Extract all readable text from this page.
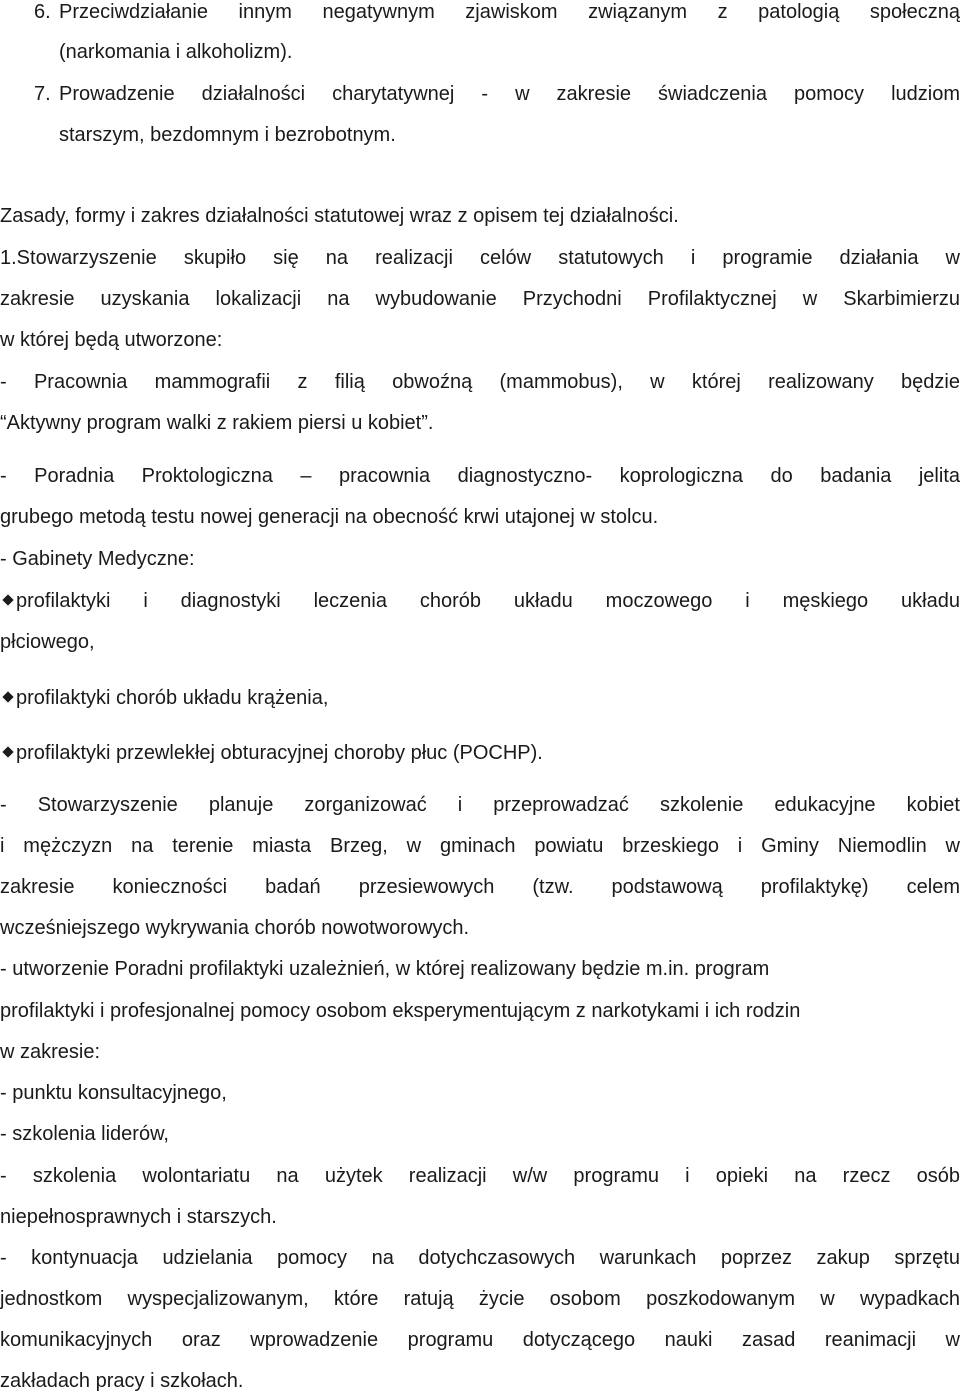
6. Przeciwdziałanie innym negatywnym zjawiskom związanym z patologią społeczną
(narkomania i alkoholizm).
7. Prowadzenie działalności charytatywnej - w zakresie świadczenia pomocy ludziom
starszym, bezdomnym i bezrobotnym.
Zasady, formy i zakres działalności statutowej wraz z opisem tej działalności.
1.Stowarzyszenie skupiło się na realizacji celów statutowych i programie działania w
zakresie uzyskania lokalizacji na wybudowanie Przychodni Profilaktycznej w Skarbimierzu
w której będą utworzone:
- Pracownia mammografii z filią obwoźną (mammobus), w której realizowany będzie
“Aktywny program walki z rakiem piersi u kobiet”.
- Poradnia Proktologiczna – pracownia diagnostyczno- koprologiczna do badania jelita
grubego metodą testu nowej generacji na obecność krwi utajonej w stolcu.
- Gabinety Medyczne:
profilaktyki i diagnostyki leczenia chorób układu moczowego i męskiego układu
płciowego,
profilaktyki chorób układu krążenia,
profilaktyki przewlekłej obturacyjnej choroby płuc (POCHP).
- Stowarzyszenie planuje zorganizować i przeprowadzać szkolenie edukacyjne kobiet
i mężczyzn na terenie miasta Brzeg, w gminach powiatu brzeskiego i Gminy Niemodlin w
zakresie konieczności badań przesiewowych (tzw. podstawową profilaktykę) celem
wcześniejszego wykrywania chorób nowotworowych.
- utworzenie Poradni profilaktyki uzależnień, w której realizowany będzie m.in. program
profilaktyki i profesjonalnej pomocy osobom eksperymentującym z narkotykami i ich rodzin
w zakresie:
- punktu konsultacyjnego,
- szkolenia liderów,
- szkolenia wolontariatu na użytek realizacji w/w programu i opieki na rzecz osób
niepełnosprawnych i starszych.
- kontynuacja udzielania pomocy na dotychczasowych warunkach poprzez zakup sprzętu
jednostkom wyspecjalizowanym, które ratują życie osobom poszkodowanym w wypadkach
komunikacyjnych oraz wprowadzenie programu dotyczącego nauki zasad reanimacji w
zakładach pracy i szkołach.
